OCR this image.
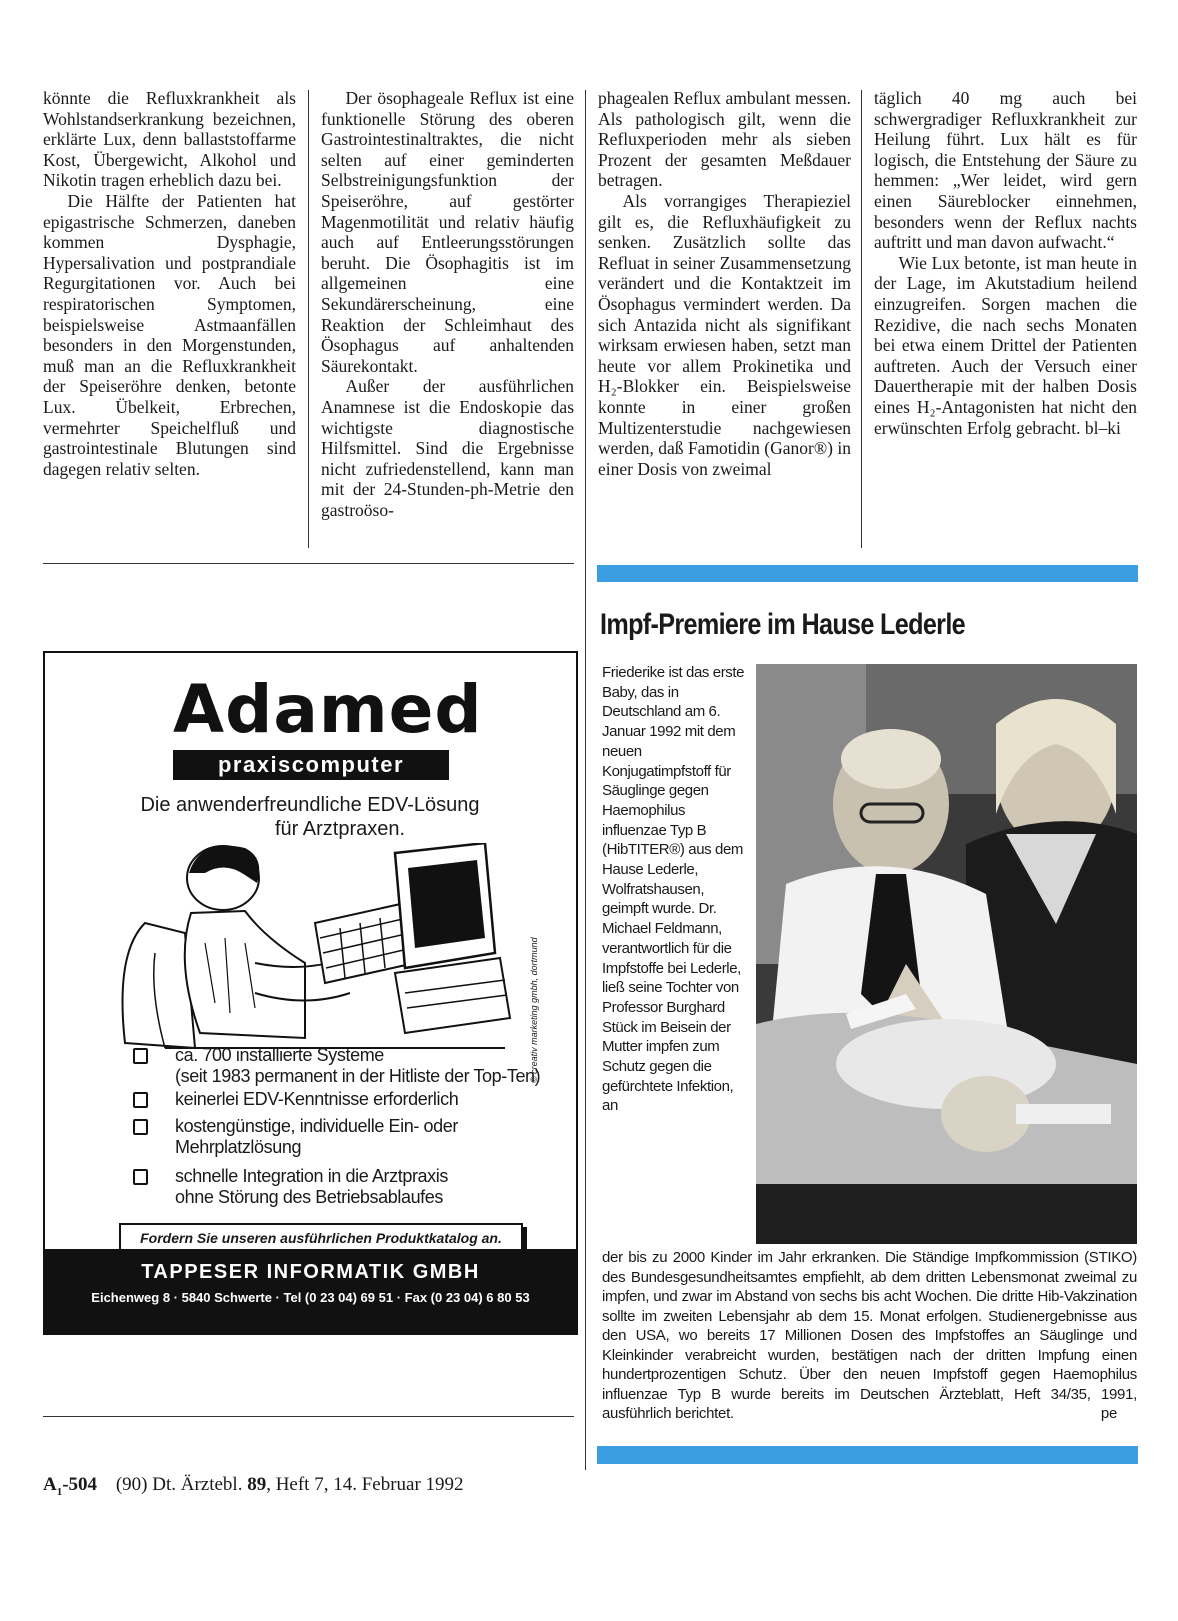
könnte die Refluxkrankheit als Wohlstandserkrankung bezeichnen, erklärte Lux, denn ballaststoffarme Kost, Übergewicht, Alkohol und Nikotin tragen erheblich dazu bei.

Die Hälfte der Patienten hat epigastrische Schmerzen, daneben kommen Dysphagie, Hypersalivation und postprandiale Regurgitationen vor. Auch bei respiratorischen Symptomen, beispielsweise Astmaanfällen besonders in den Morgenstunden, muß man an die Refluxkrankheit der Speiseröhre denken, betonte Lux. Übelkeit, Erbrechen, vermehrter Speichelfluß und gastrointestinale Blutungen sind dagegen relativ selten.

Der ösophageale Reflux ist eine funktionelle Störung des oberen Gastrointestinaltraktes, die nicht selten auf einer geminderten Selbstreinigungsfunktion der Speiseröhre, auf gestörter Magenmotilität und relativ häufig auch auf Entleerungsstörungen beruht. Die Ösophagitis ist im allgemeinen eine Sekundärerscheinung, eine Reaktion der Schleimhaut des Ösophagus auf anhaltenden Säurekontakt.

Außer der ausführlichen Anamnese ist die Endoskopie das wichtigste diagnostische Hilfsmittel. Sind die Ergebnisse nicht zufriedenstellend, kann man mit der 24-Stunden-ph-Metrie den gastroöso-

phagealen Reflux ambulant messen. Als pathologisch gilt, wenn die Refluxperioden mehr als sieben Prozent der gesamten Meßdauer betragen.

Als vorrangiges Therapieziel gilt es, die Refluxhäufigkeit zu senken. Zusätzlich sollte das Refluat in seiner Zusammensetzung verändert und die Kontaktzeit im Ösophagus vermindert werden. Da sich Antazida nicht als signifikant wirksam erwiesen haben, setzt man heute vor allem Prokinetika und H₂-Blokker ein. Beispielsweise konnte in einer großen Multizenterstudie nachgewiesen werden, daß Famotidin (Ganor®) in einer Dosis von zweimal

täglich 40 mg auch bei schwergradiger Refluxkrankheit zur Heilung führt. Lux hält es für logisch, die Entstehung der Säure zu hemmen: „Wer leidet, wird gern einen Säureblocker einnehmen, besonders wenn der Reflux nachts auftritt und man davon aufwacht.“

Wie Lux betonte, ist man heute in der Lage, im Akutstadium heilend einzugreifen. Sorgen machen die Rezidive, die nach sechs Monaten bei etwa einem Drittel der Patienten auftreten. Auch der Versuch einer Dauertherapie mit der halben Dosis eines H₂-Antagonisten hat nicht den erwünschten Erfolg gebracht. bl–ki

Impf-Premiere im Hause Lederle

Friederike ist das erste Baby, das in Deutschland am 6. Januar 1992 mit dem neuen Konjugatimpfstoff für Säuglinge gegen Haemophilus influenzae Typ B (HibTITER®) aus dem Hause Lederle, Wolfratshausen, geimpft wurde. Dr. Michael Feldmann, verantwortlich für die Impfstoffe bei Lederle, ließ seine Tochter von Professor Burghard Stück im Beisein der Mutter impfen zum Schutz gegen die gefürchtete Infektion, an

der bis zu 2000 Kinder im Jahr erkranken. Die Ständige Impfkommission (STIKO) des Bundesgesundheitsamtes empfiehlt, ab dem dritten Lebensmonat zweimal zu impfen, und zwar im Abstand von sechs bis acht Wochen. Die dritte Hib-Vakzination sollte im zweiten Lebensjahr ab dem 15. Monat erfolgen. Studienergebnisse aus den USA, wo bereits 17 Millionen Dosen des Impfstoffes an Säuglinge und Kleinkinder verabreicht wurden, bestätigen nach der dritten Impfung einen hundertprozentigen Schutz. Über den neuen Impfstoff gegen Haemophilus influenzae Typ B wurde bereits im Deutschen Ärzteblatt, Heft 34/35, 1991, ausführlich berichtet.	pe

Adamed
praxiscomputer
Die anwenderfreundliche EDV-Lösung
für Arztpraxen.
© creativ marketing gmbh, dortmund
ca. 700 installierte Systeme
(seit 1983 permanent in der Hitliste der Top-Ten)
keinerlei EDV-Kenntnisse erforderlich
kostengünstige, individuelle Ein- oder
Mehrplatzlösung
schnelle Integration in die Arztpraxis
ohne Störung des Betriebsablaufes
Fordern Sie unseren ausführlichen Produktkatalog an.
TAPPESER INFORMATIK GMBH
Eichenweg 8 · 5840 Schwerte · Tel (0 23 04) 69 51 · Fax (0 23 04) 6 80 53
$A_1-504$ (90) Dt. Ärztebl. 89, Heft 7, 14. Februar 1992
